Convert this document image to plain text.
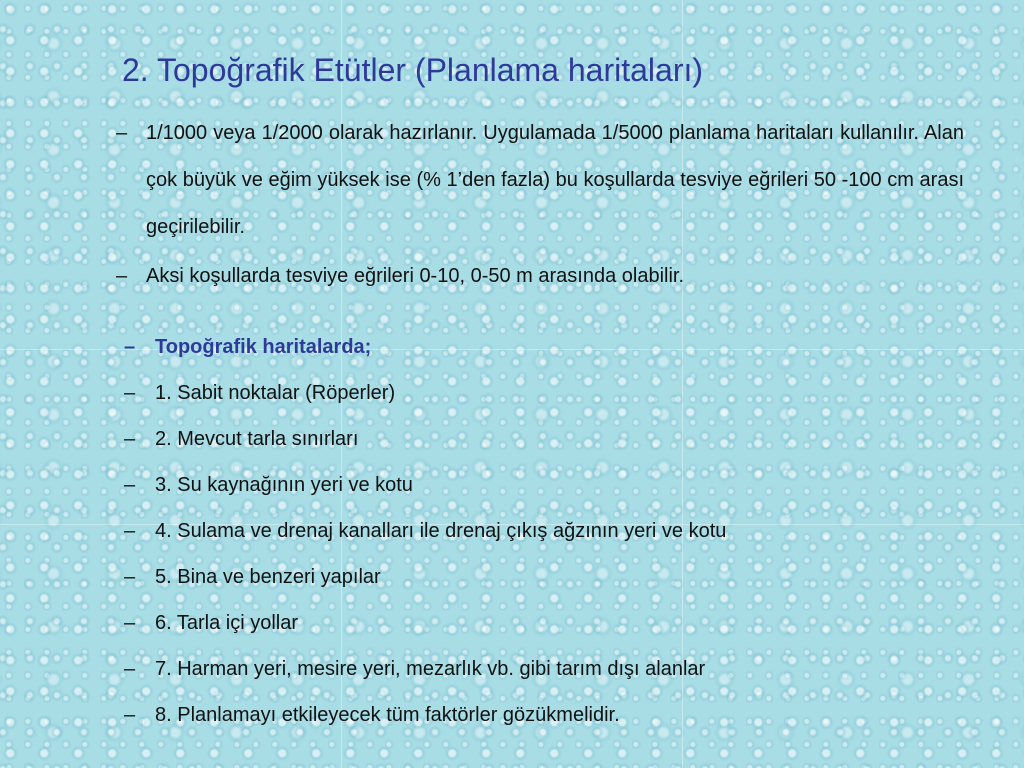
2. Topoğrafik Etütler (Planlama haritaları)
– 1/1000 veya 1/2000 olarak hazırlanır. Uygulamada 1/5000 planlama haritaları kullanılır. Alan çok büyük ve eğim yüksek ise (% 1’den fazla) bu koşullarda tesviye eğrileri 50 -100 cm arası geçirilebilir.
– Aksi koşullarda tesviye eğrileri 0-10, 0-50 m arasında olabilir.
– Topoğrafik haritalarda;
– 1. Sabit noktalar (Röperler)
– 2. Mevcut tarla sınırları
– 3. Su kaynağının yeri ve kotu
– 4. Sulama ve drenaj kanalları ile drenaj çıkış ağzının yeri ve kotu
– 5. Bina ve benzeri yapılar
– 6. Tarla içi yollar
– 7. Harman yeri, mesire yeri, mezarlık vb. gibi tarım dışı alanlar
– 8. Planlamayı etkileyecek tüm faktörler gözükmelidir.
